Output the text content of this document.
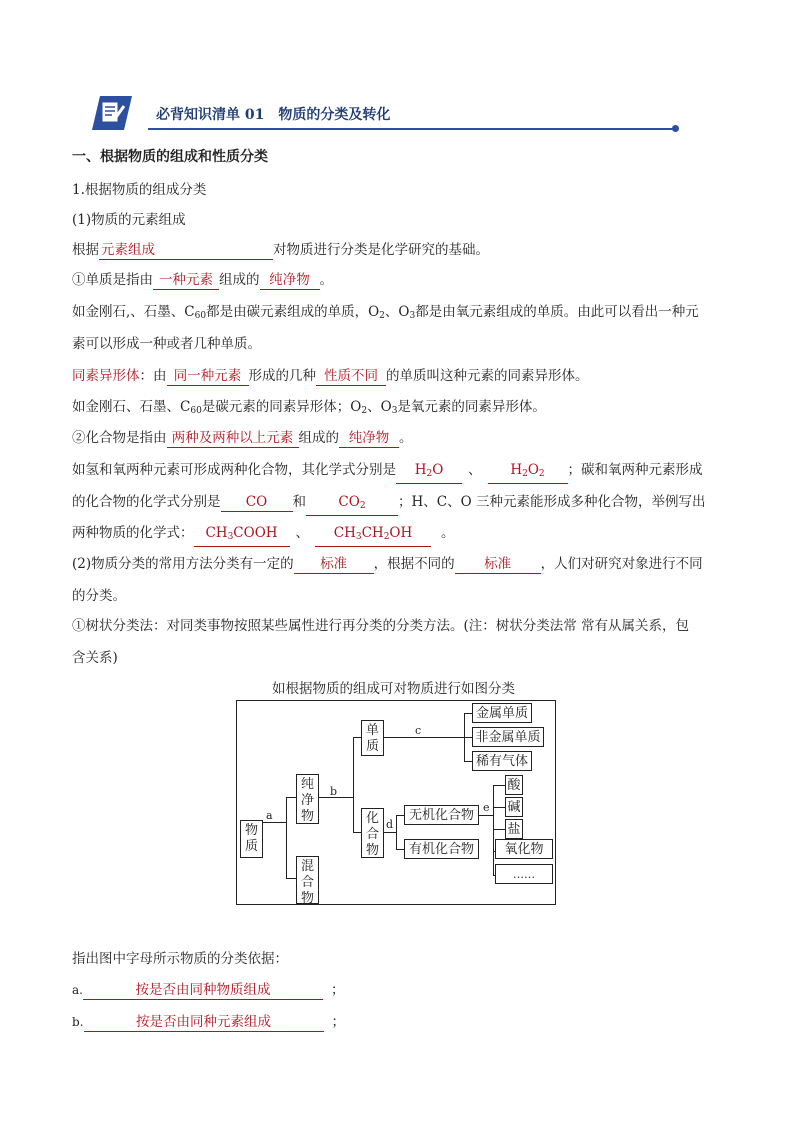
必背知识清单 01　物质的分类及转化
一、根据物质的组成和性质分类
1.根据物质的组成分类
(1)物质的元素组成
根据 元素组成	对物质进行分类是化学研究的基础。
①单质是指由 一种元素 组成的 纯净物 。
如金刚石,、石墨、$C_{60}$都是由碳元素组成的单质，$O_2$、$O_3$都是由氧元素组成的单质。由此可以看出一种元
素可以形成一种或者几种单质。
同素异形体：由 同一种元素 形成的几种 性质不同 的单质叫这种元素的同素异形体。
如金刚石、石墨、$C_{60}$是碳元素的同素异形体；$O_2$、$O_3$是氧元素的同素异形体。
②化合物是指由 两种及两种以上元素 组成的 纯净物 。
如氢和氧两种元素可形成两种化合物，其化学式分别是 $H_2O$ 、 $H_2O_2$ ；碳和氧两种元素形成
的化合物的化学式分别是 CO 和 $CO_2$ ；H、C、O 三种元素能形成多种化合物，举例写出
两种物质的化学式： $CH_3COOH$ 、 $CH_3CH_2OH$ 。
(2)物质分类的常用方法分类有一定的 标准 ，根据不同的 标准 ，人们对研究对象进行不同
的分类。
①树状分类法：对同类事物按照某些属性进行再分类的分类方法。(注：树状分类法常 常有从属关系，包
含关系)
如根据物质的组成可对物质进行如图分类
a
b
c
d
e
物质
纯净物
混合物
单质
化合物
金属单质
非金属单质
稀有气体
无机化合物
有机化合物
酸
碱
盐
氧化物
……
指出图中字母所示物质的分类依据：
a.	按是否由同种物质组成	；
b.	按是否由同种元素组成	；
